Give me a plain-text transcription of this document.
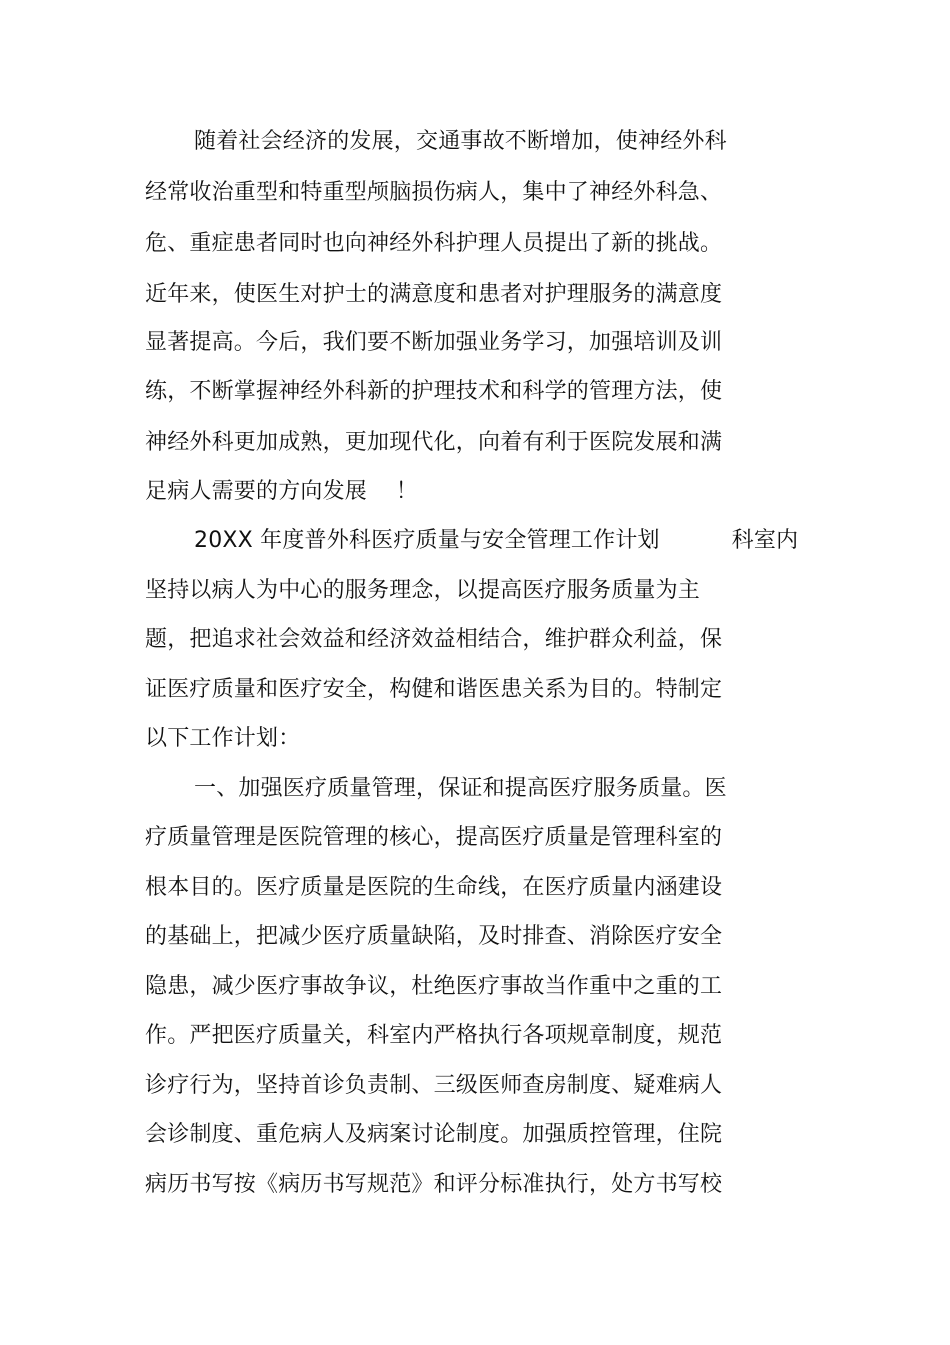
随着社会经济的发展，交通事故不断增加，使神经外科
经常收治重型和特重型颅脑损伤病人，集中了神经外科急、
危、重症患者同时也向神经外科护理人员提出了新的挑战。
近年来，使医生对护士的满意度和患者对护理服务的满意度
显著提高。今后，我们要不断加强业务学习，加强培训及训
练，不断掌握神经外科新的护理技术和科学的管理方法，使
神经外科更加成熟，更加现代化，向着有利于医院发展和满
足病人需要的方向发展    ！
20XX 年度普外科医疗质量与安全管理工作计划          科室内
坚持以病人为中心的服务理念，以提高医疗服务质量为主
题，把追求社会效益和经济效益相结合，维护群众利益，保
证医疗质量和医疗安全，构健和谐医患关系为目的。特制定
以下工作计划：
一、加强医疗质量管理，保证和提高医疗服务质量。医
疗质量管理是医院管理的核心，提高医疗质量是管理科室的
根本目的。医疗质量是医院的生命线，在医疗质量内涵建设
的基础上，把减少医疗质量缺陷，及时排查、消除医疗安全
隐患，减少医疗事故争议，杜绝医疗事故当作重中之重的工
作。严把医疗质量关，科室内严格执行各项规章制度，规范
诊疗行为，坚持首诊负责制、三级医师查房制度、疑难病人
会诊制度、重危病人及病案讨论制度。加强质控管理，住院
病历书写按《病历书写规范》和评分标准执行，处方书写校
